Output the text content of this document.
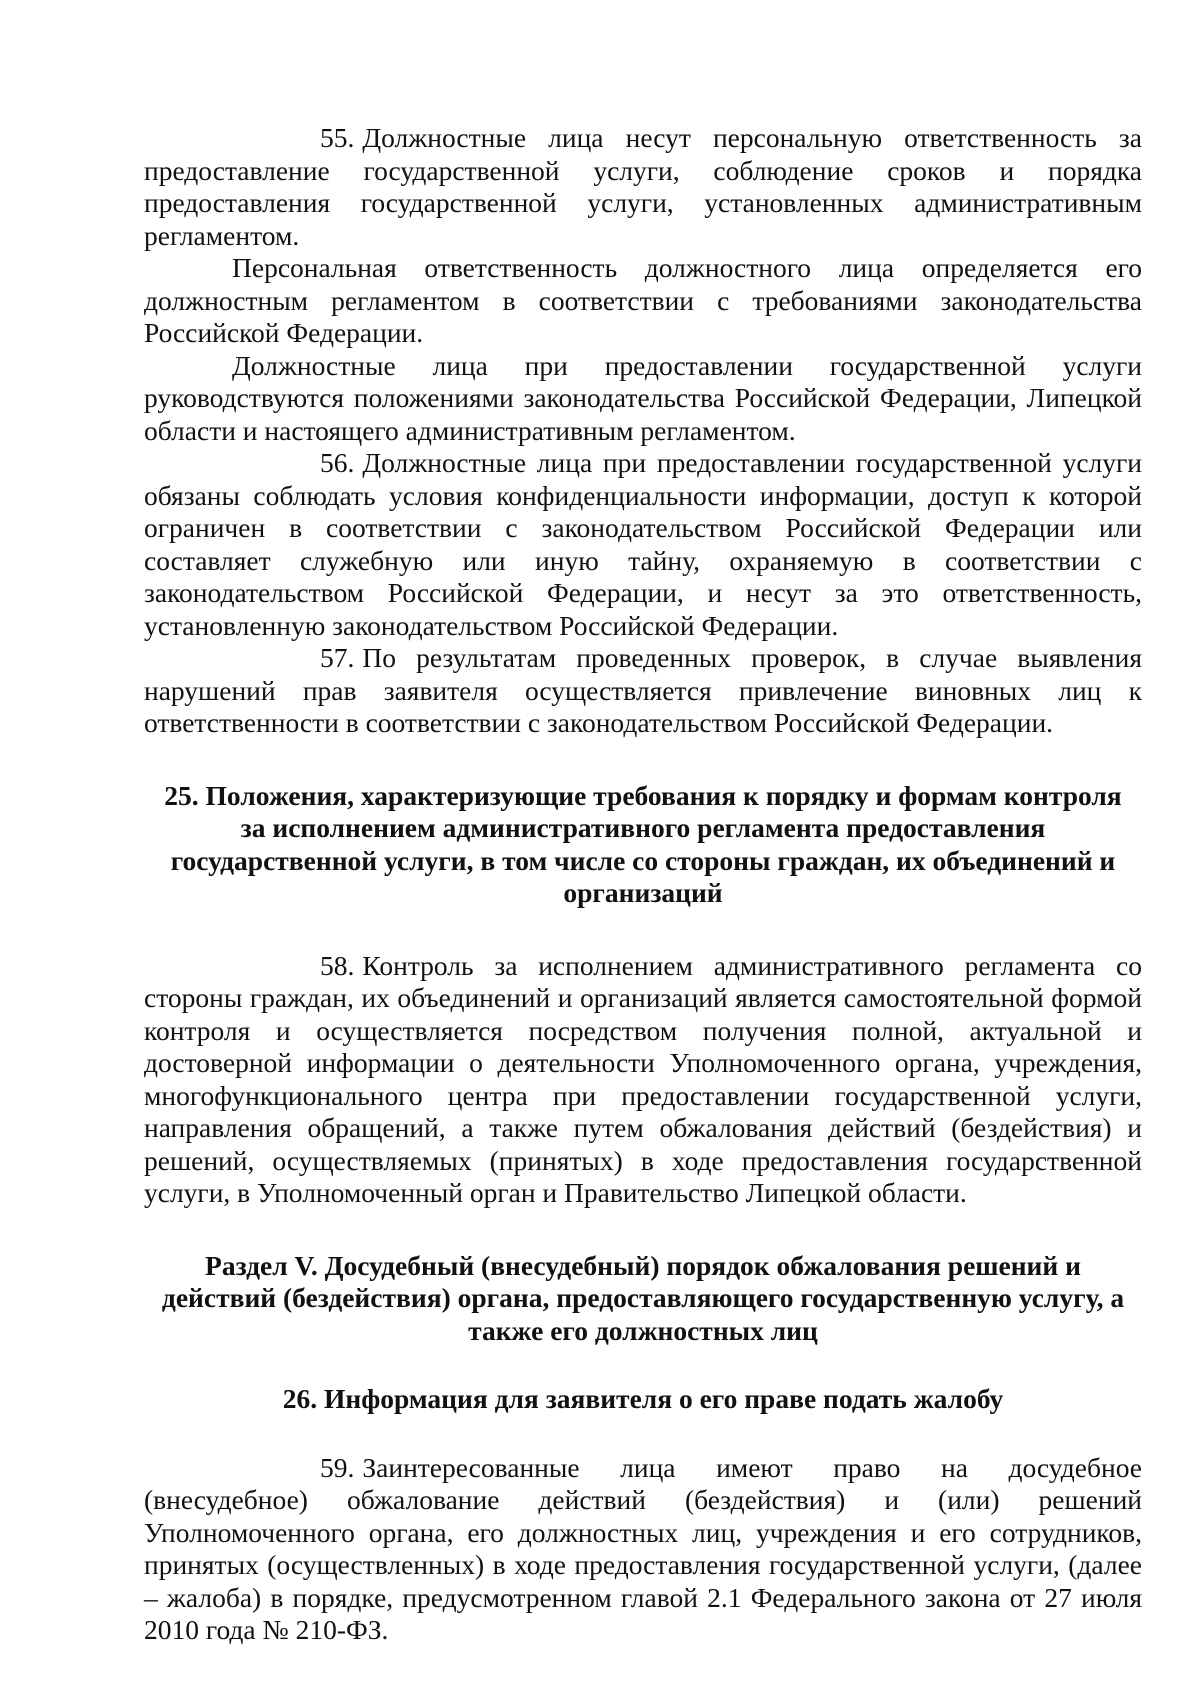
55. Должностные лица несут персональную ответственность за предоставление государственной услуги, соблюдение сроков и порядка предоставления государственной услуги, установленных административным регламентом.

Персональная ответственность должностного лица определяется его должностным регламентом в соответствии с требованиями законодательства Российской Федерации.

Должностные лица при предоставлении государственной услуги руководствуются положениями законодательства Российской Федерации, Липецкой области и настоящего административным регламентом.

56. Должностные лица при предоставлении государственной услуги обязаны соблюдать условия конфиденциальности информации, доступ к которой ограничен в соответствии с законодательством Российской Федерации или составляет служебную или иную тайну, охраняемую в соответствии с законодательством Российской Федерации, и несут за это ответственность, установленную законодательством Российской Федерации.

57. По результатам проведенных проверок, в случае выявления нарушений прав заявителя осуществляется привлечение виновных лиц к ответственности в соответствии с законодательством Российской Федерации.

25. Положения, характеризующие требования к порядку и формам контроля
за исполнением административного регламента предоставления
государственной услуги, в том числе со стороны граждан, их объединений и
организаций

58. Контроль за исполнением административного регламента со стороны граждан, их объединений и организаций является самостоятельной формой контроля и осуществляется посредством получения полной, актуальной и достоверной информации о деятельности Уполномоченного органа, учреждения, многофункционального центра при предоставлении государственной услуги, направления обращений, а также путем обжалования действий (бездействия) и решений, осуществляемых (принятых) в ходе предоставления государственной услуги, в Уполномоченный орган и Правительство Липецкой области.

Раздел V. Досудебный (внесудебный) порядок обжалования решений и
действий (бездействия) органа, предоставляющего государственную услугу, а
также его должностных лиц
26. Информация для заявителя о его праве подать жалобу

59. Заинтересованные лица имеют право на досудебное (внесудебное) обжалование действий (бездействия) и (или) решений Уполномоченного органа, его должностных лиц, учреждения и его сотрудников, принятых (осуществленных) в ходе предоставления государственной услуги, (далее – жалоба) в порядке, предусмотренном главой 2.1 Федерального закона от 27 июля 2010 года № 210-ФЗ.
